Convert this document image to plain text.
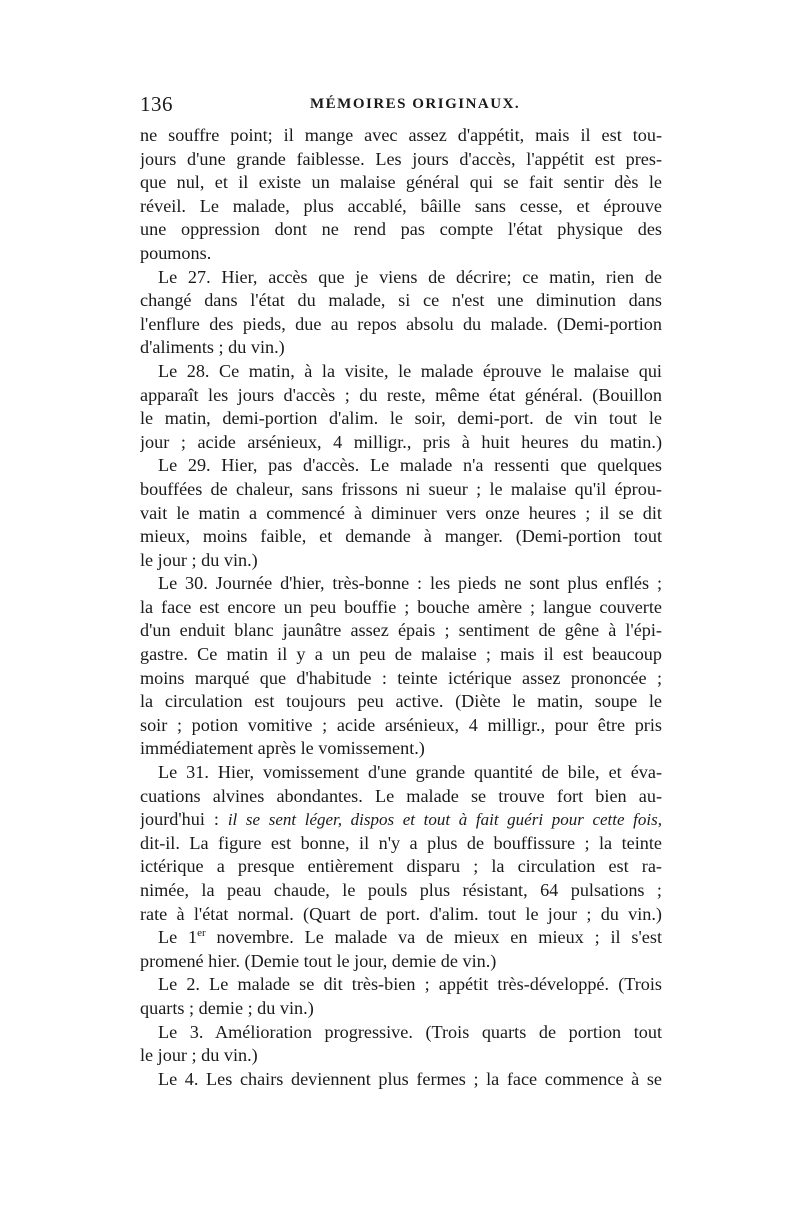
136	MÉMOIRES ORIGINAUX.
ne souffre point; il mange avec assez d'appétit, mais il est tou-
jours d'une grande faiblesse. Les jours d'accès, l'appétit est pres-
que nul, et il existe un malaise général qui se fait sentir dès le
réveil. Le malade, plus accablé, bâille sans cesse, et éprouve
une oppression dont ne rend pas compte l'état physique des
poumons.
Le 27. Hier, accès que je viens de décrire; ce matin, rien de
changé dans l'état du malade, si ce n'est une diminution dans
l'enflure des pieds, due au repos absolu du malade. (Demi-portion
d'aliments ; du vin.)
Le 28. Ce matin, à la visite, le malade éprouve le malaise qui
apparaît les jours d'accès ; du reste, même état général. (Bouillon
le matin, demi-portion d'alim. le soir, demi-port. de vin tout le
jour ; acide arsénieux, 4 milligr., pris à huit heures du matin.)
Le 29. Hier, pas d'accès. Le malade n'a ressenti que quelques
bouffées de chaleur, sans frissons ni sueur ; le malaise qu'il éprou-
vait le matin a commencé à diminuer vers onze heures ; il se dit
mieux, moins faible, et demande à manger. (Demi-portion tout
le jour ; du vin.)
Le 30. Journée d'hier, très-bonne : les pieds ne sont plus enflés ;
la face est encore un peu bouffie ; bouche amère ; langue couverte
d'un enduit blanc jaunâtre assez épais ; sentiment de gêne à l'épi-
gastre. Ce matin il y a un peu de malaise ; mais il est beaucoup
moins marqué que d'habitude : teinte ictérique assez prononcée ;
la circulation est toujours peu active. (Diète le matin, soupe le
soir ; potion vomitive ; acide arsénieux, 4 milligr., pour être pris
immédiatement après le vomissement.)
Le 31. Hier, vomissement d'une grande quantité de bile, et éva-
cuations alvines abondantes. Le malade se trouve fort bien au-
jourd'hui : il se sent léger, dispos et tout à fait guéri pour cette fois,
dit-il. La figure est bonne, il n'y a plus de bouffissure ; la teinte
ictérique a presque entièrement disparu ; la circulation est ra-
nimée, la peau chaude, le pouls plus résistant, 64 pulsations ;
rate à l'état normal. (Quart de port. d'alim. tout le jour ; du vin.)
Le 1er novembre. Le malade va de mieux en mieux ; il s'est
promené hier. (Demie tout le jour, demie de vin.)
Le 2. Le malade se dit très-bien ; appétit très-développé. (Trois
quarts ; demie ; du vin.)
Le 3. Amélioration progressive. (Trois quarts de portion tout
le jour ; du vin.)
Le 4. Les chairs deviennent plus fermes ; la face commence à se
